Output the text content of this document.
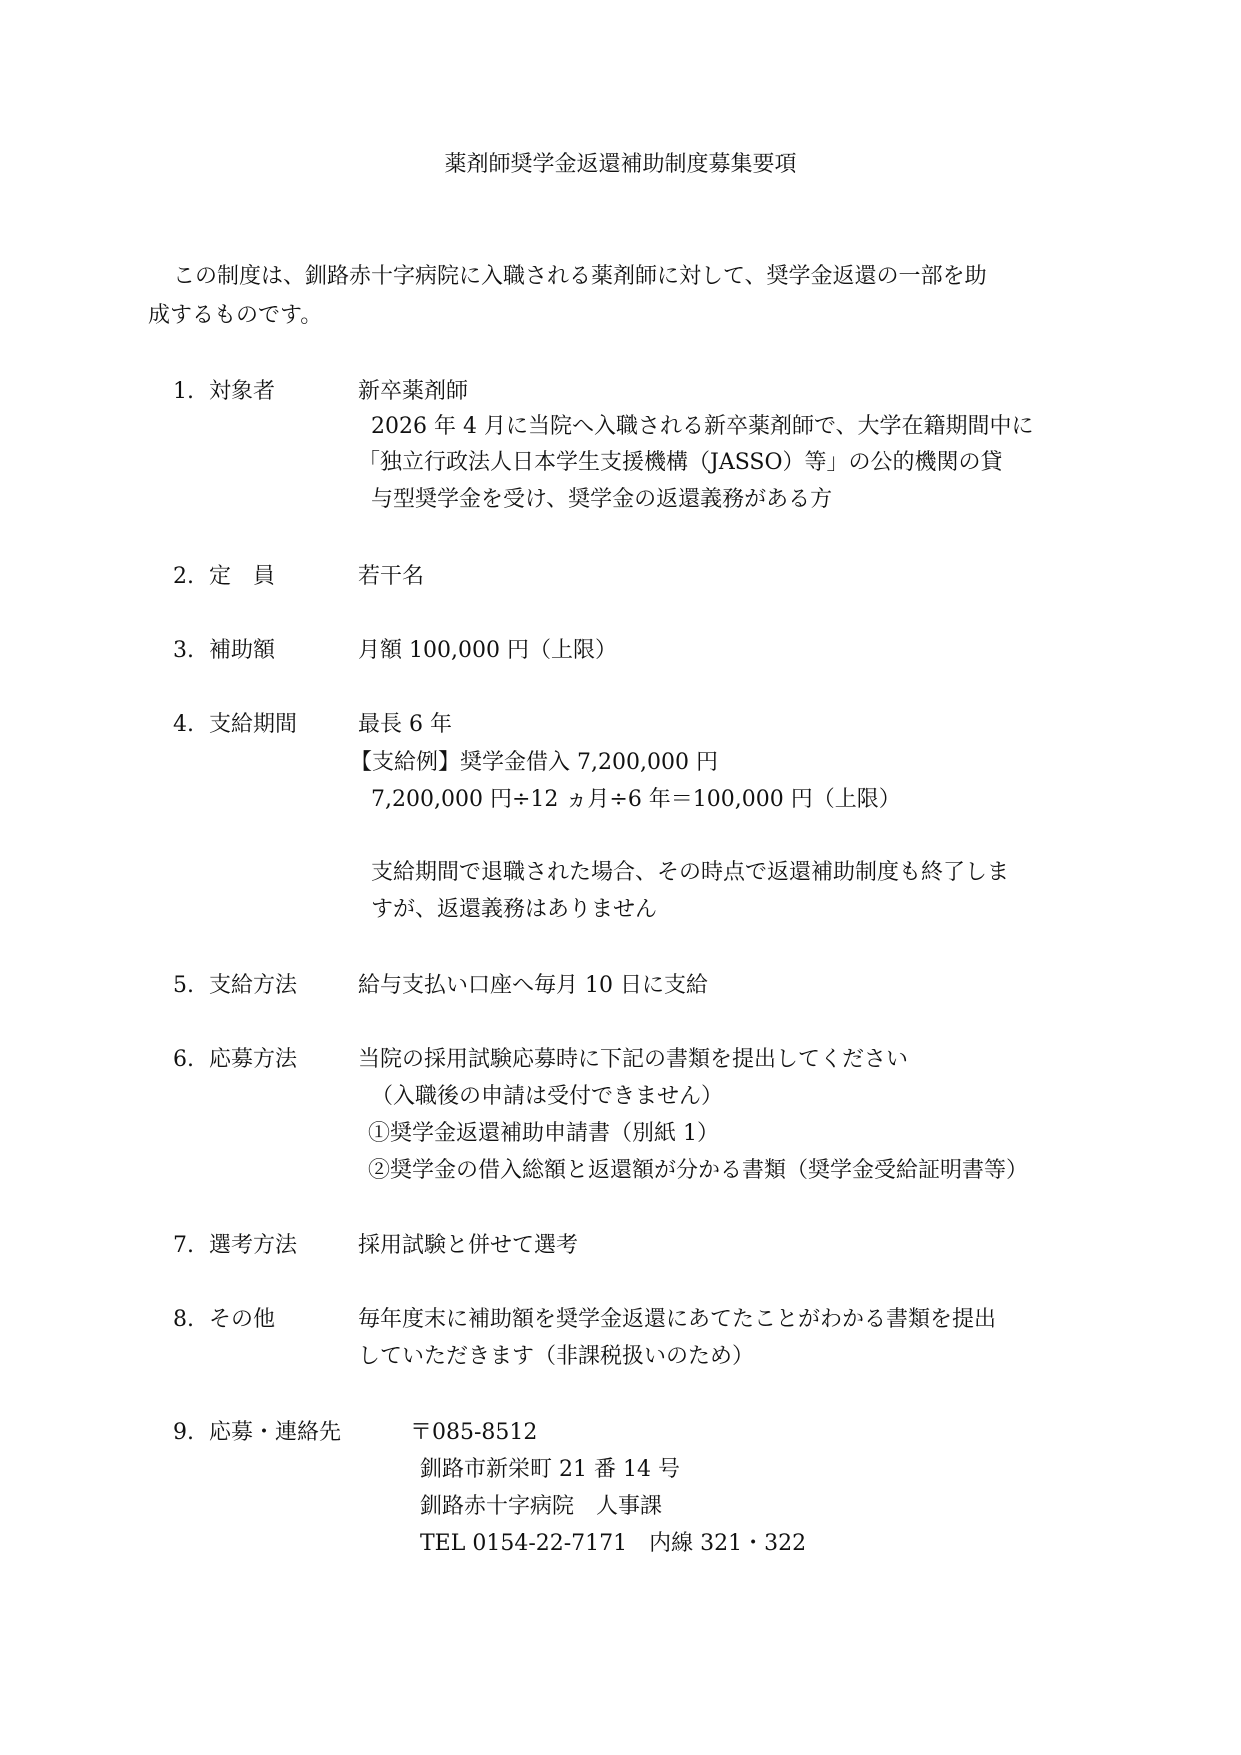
薬剤師奨学金返還補助制度募集要項
この制度は、釧路赤十字病院に入職される薬剤師に対して、奨学金返還の一部を助
成するものです。
1. 対象者	新卒薬剤師
2026 年 4 月に当院へ入職される新卒薬剤師で、大学在籍期間中に
「独立行政法人日本学生支援機構（JASSO）等」の公的機関の貸
与型奨学金を受け、奨学金の返還義務がある方
2. 定　員	若干名
3. 補助額	月額 100,000 円（上限）
4. 支給期間	最長 6 年
【支給例】奨学金借入 7,200,000 円
7,200,000 円÷12 ヵ月÷6 年＝100,000 円（上限）
支給期間で退職された場合、その時点で返還補助制度も終了しま
すが、返還義務はありません
5. 支給方法	給与支払い口座へ毎月 10 日に支給
6. 応募方法	当院の採用試験応募時に下記の書類を提出してください
（入職後の申請は受付できません）
①奨学金返還補助申請書（別紙 1）
②奨学金の借入総額と返還額が分かる書類（奨学金受給証明書等）
7. 選考方法	採用試験と併せて選考
8. その他	毎年度末に補助額を奨学金返還にあてたことがわかる書類を提出
していただきます（非課税扱いのため）
9. 応募・連絡先	〒085-8512
釧路市新栄町 21 番 14 号
釧路赤十字病院　人事課
TEL 0154-22-7171　内線 321・322
